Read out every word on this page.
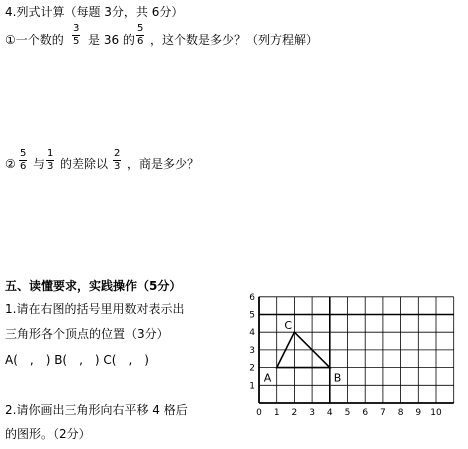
4.列式计算（每题 3分，共 6分）
①一个数的
3
5 是 36 的
5
6 ，这个数是多少？（列方程解）
②
5
6 与
1
3 的差除以
2
3 ，商是多少？
五、读懂要求，实践操作（5分）
1.请在右图的括号里用数对表示出
三角形各个顶点的位置（3分）
A(　,　) B(　,　) C(　,　)
2.请你画出三角形向右平移 4 格后
的图形。（2分）
0 1 2 3 4 5 6 7 8 9 10
1
2
3
4
5
6
A	B
C
